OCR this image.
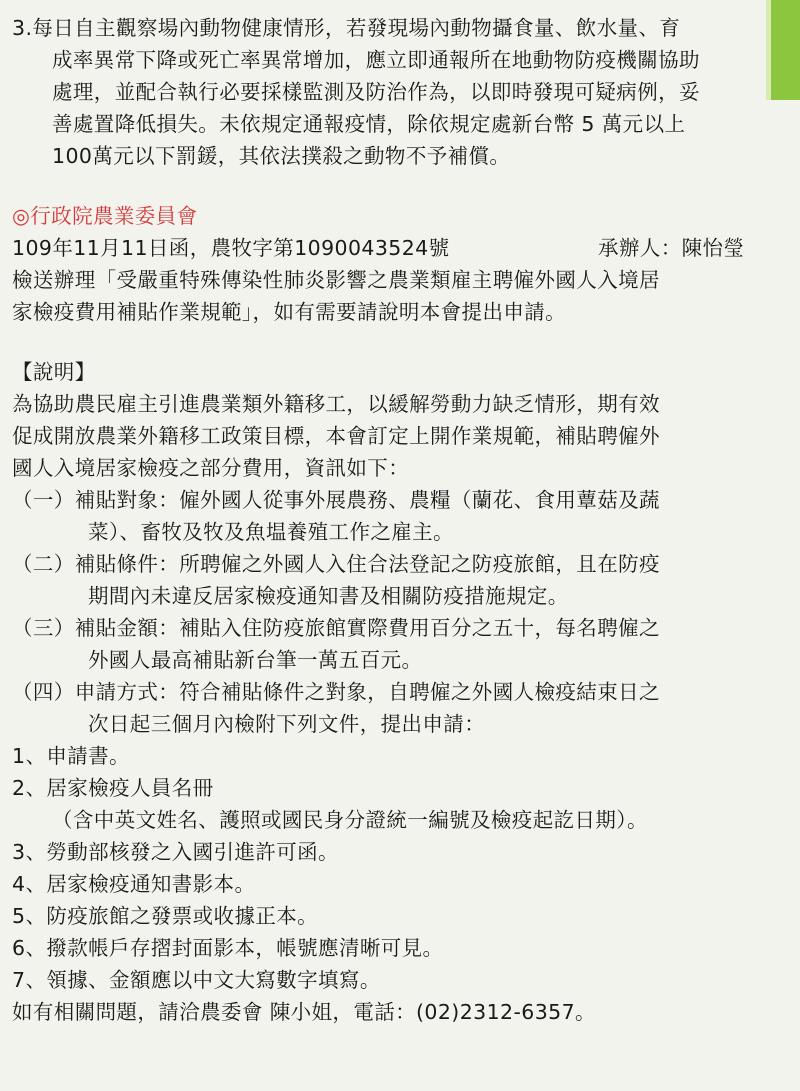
3.每日自主觀察場內動物健康情形，若發現場內動物攝食量、飲水量、育
成率異常下降或死亡率異常增加，應立即通報所在地動物防疫機關協助
處理，並配合執行必要採樣監測及防治作為，以即時發現可疑病例，妥
善處置降低損失。未依規定通報疫情，除依規定處新台幣 5 萬元以上
100萬元以下罰鍰，其依法撲殺之動物不予補償。
◎行政院農業委員會
109年11月11日函，農牧字第1090043524號	承辦人：陳怡瑩
檢送辦理「受嚴重特殊傳染性肺炎影響之農業類雇主聘僱外國人入境居
家檢疫費用補貼作業規範」，如有需要請說明本會提出申請。
【說明】
為協助農民雇主引進農業類外籍移工，以緩解勞動力缺乏情形，期有效
促成開放農業外籍移工政策目標，本會訂定上開作業規範，補貼聘僱外
國人入境居家檢疫之部分費用，資訊如下：
（一）補貼對象：僱外國人從事外展農務、農糧（蘭花、食用蕈菇及蔬
菜）、畜牧及牧及魚塭養殖工作之雇主。
（二）補貼條件：所聘僱之外國人入住合法登記之防疫旅館，且在防疫
期間內未違反居家檢疫通知書及相關防疫措施規定。
（三）補貼金額：補貼入住防疫旅館實際費用百分之五十，每名聘僱之
外國人最高補貼新台筆一萬五百元。
（四）申請方式：符合補貼條件之對象，自聘僱之外國人檢疫結束日之
次日起三個月內檢附下列文件，提出申請：
1、申請書。
2、居家檢疫人員名冊
（含中英文姓名、護照或國民身分證統一編號及檢疫起訖日期）。
3、勞動部核發之入國引進許可函。
4、居家檢疫通知書影本。
5、防疫旅館之發票或收據正本。
6、撥款帳戶存摺封面影本，帳號應清晰可見。
7、領據、金額應以中文大寫數字填寫。
如有相關問題，請洽農委會 陳小姐，電話：(02)2312-6357。
